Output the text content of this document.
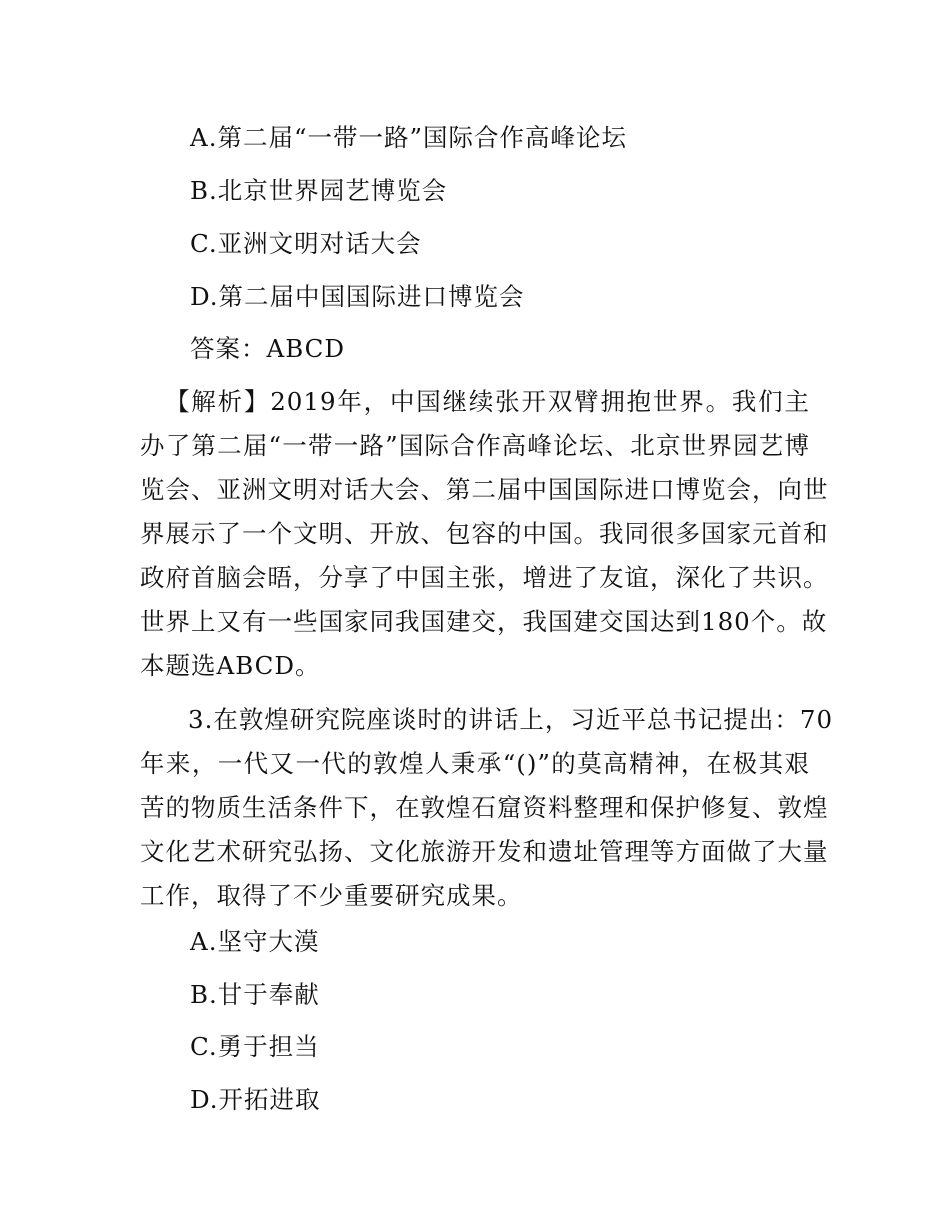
A.第二届“一带一路”国际合作高峰论坛
B.北京世界园艺博览会
C.亚洲文明对话大会
D.第二届中国国际进口博览会
答案：ABCD
【解析】2019年，中国继续张开双臂拥抱世界。我们主
办了第二届“一带一路”国际合作高峰论坛、北京世界园艺博
览会、亚洲文明对话大会、第二届中国国际进口博览会，向世
界展示了一个文明、开放、包容的中国。我同很多国家元首和
政府首脑会晤，分享了中国主张，增进了友谊，深化了共识。
世界上又有一些国家同我国建交，我国建交国达到180个。故
本题选ABCD。
3.在敦煌研究院座谈时的讲话上，习近平总书记提出：70
年来，一代又一代的敦煌人秉承“()”的莫高精神，在极其艰
苦的物质生活条件下，在敦煌石窟资料整理和保护修复、敦煌
文化艺术研究弘扬、文化旅游开发和遗址管理等方面做了大量
工作，取得了不少重要研究成果。
A.坚守大漠
B.甘于奉献
C.勇于担当
D.开拓进取
